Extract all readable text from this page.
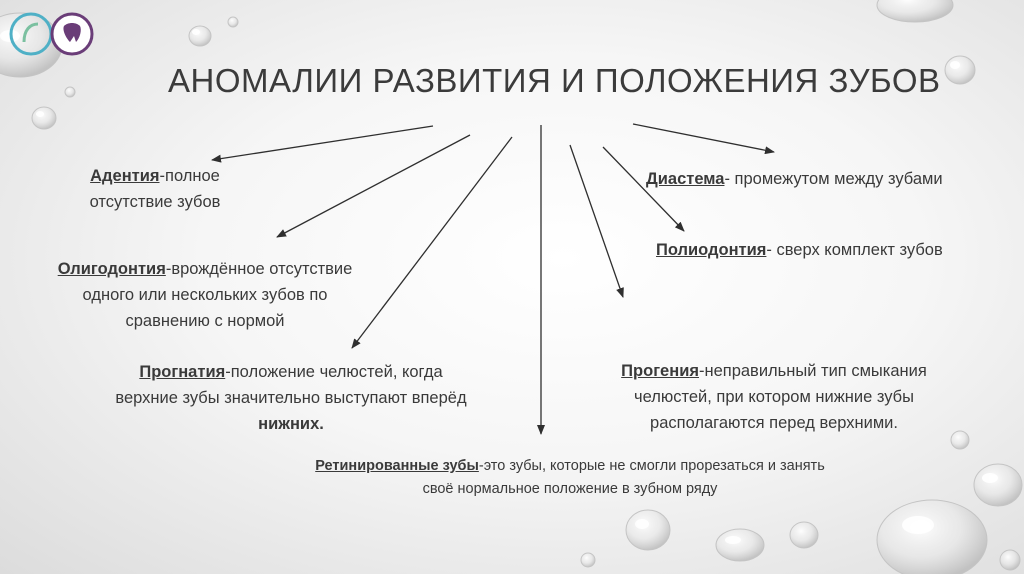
АНОМАЛИИ РАЗВИТИЯ И ПОЛОЖЕНИЯ ЗУБОВ
Адентия-полное
отсутствие зубов
Олигодонтия-врождённое отсутствие
одного или нескольких зубов по
сравнению с нормой
Прогнатия-положение челюстей, когда
верхние зубы значительно выступают вперёд
нижних.
Ретинированные зубы-это зубы, которые не смогли прорезаться и занять
своё нормальное положение в зубном ряду
Прогения-неправильный тип смыкания
челюстей, при котором нижние зубы
располагаются перед верхними.
Полиодонтия- сверх комплект зубов
Диастема- промежутом между зубами
